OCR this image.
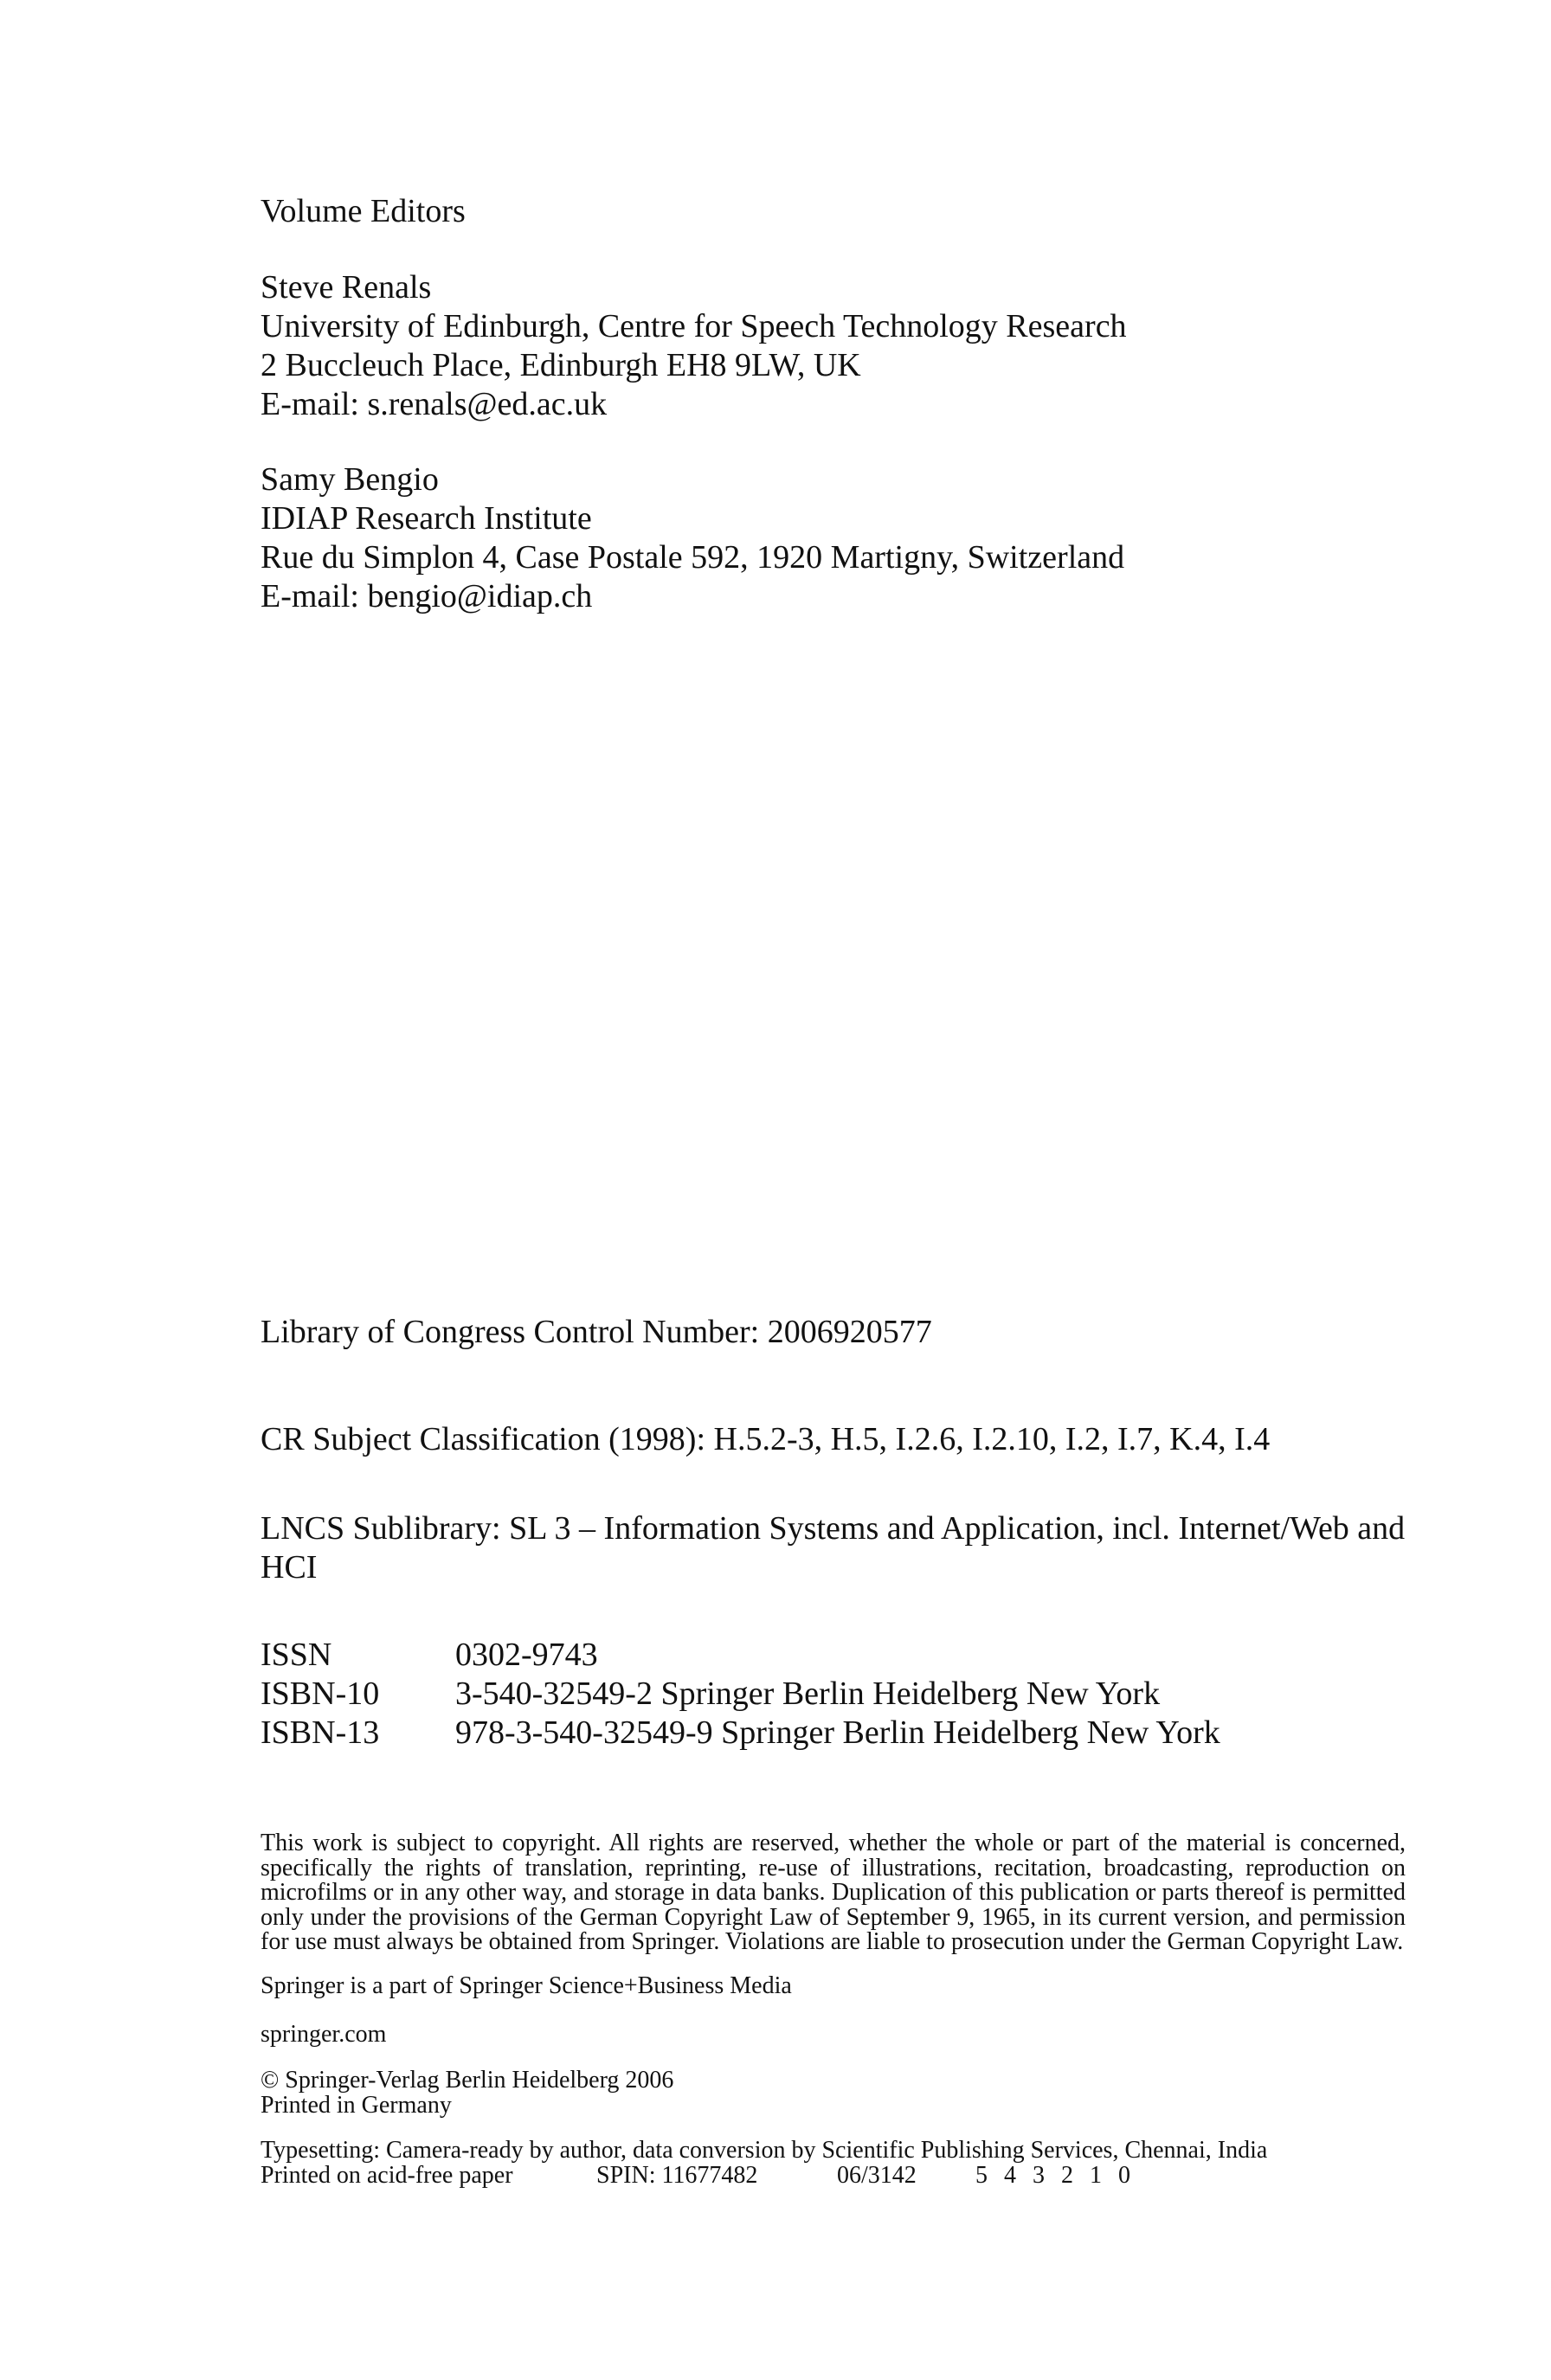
Volume Editors
Steve Renals
University of Edinburgh, Centre for Speech Technology Research
2 Buccleuch Place, Edinburgh EH8 9LW, UK
E-mail: s.renals@ed.ac.uk
Samy Bengio
IDIAP Research Institute
Rue du Simplon 4, Case Postale 592, 1920 Martigny, Switzerland
E-mail: bengio@idiap.ch
Library of Congress Control Number: 2006920577
CR Subject Classification (1998): H.5.2-3, H.5, I.2.6, I.2.10, I.2, I.7, K.4, I.4
LNCS Sublibrary: SL 3 – Information Systems and Application, incl. Internet/Web and HCI
ISSN	0302-9743
ISBN-10	3-540-32549-2 Springer Berlin Heidelberg New York
ISBN-13	978-3-540-32549-9 Springer Berlin Heidelberg New York
This work is subject to copyright. All rights are reserved, whether the whole or part of the material is concerned, specifically the rights of translation, reprinting, re-use of illustrations, recitation, broadcasting, reproduction on microfilms or in any other way, and storage in data banks. Duplication of this publication or parts thereof is permitted only under the provisions of the German Copyright Law of September 9, 1965, in its current version, and permission for use must always be obtained from Springer. Violations are liable to prosecution under the German Copyright Law.
Springer is a part of Springer Science+Business Media
springer.com
© Springer-Verlag Berlin Heidelberg 2006
Printed in Germany
Typesetting: Camera-ready by author, data conversion by Scientific Publishing Services, Chennai, India
Printed on acid-free paper	SPIN: 11677482	06/3142	5 4 3 2 1 0
